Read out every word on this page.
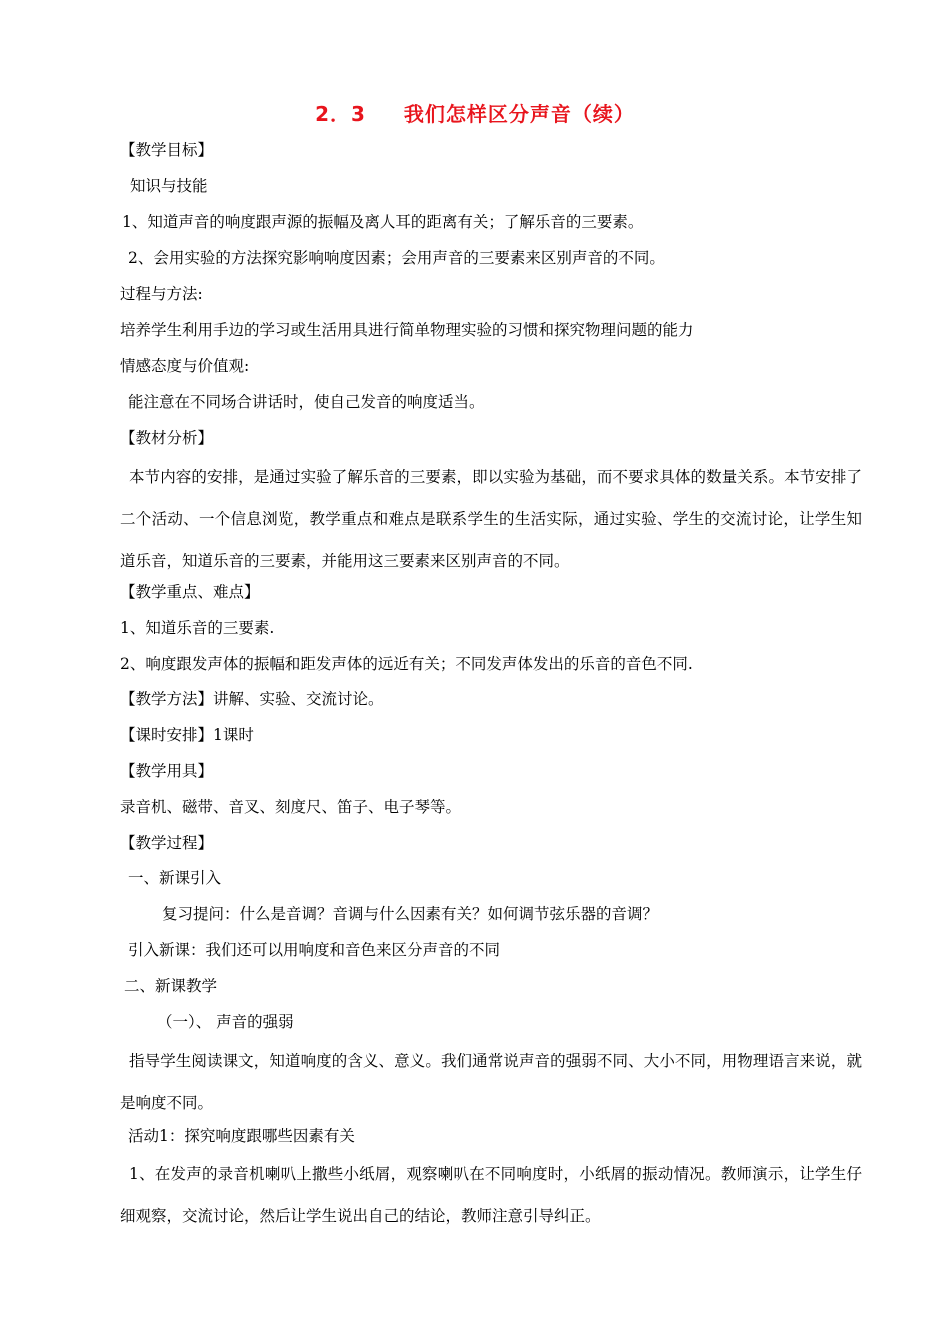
2．3 我们怎样区分声音（续）
【教学目标】
知识与技能
1、知道声音的响度跟声源的振幅及离人耳的距离有关；了解乐音的三要素。
2、会用实验的方法探究影响响度因素；会用声音的三要素来区别声音的不同。
过程与方法:
培养学生利用手边的学习或生活用具进行简单物理实验的习惯和探究物理问题的能力
情感态度与价值观:
能注意在不同场合讲话时，使自己发音的响度适当。
【教材分析】
本节内容的安排，是通过实验了解乐音的三要素，即以实验为基础，而不要求具体的数量关系。本节安排了二个活动、一个信息浏览，教学重点和难点是联系学生的生活实际，通过实验、学生的交流讨论，让学生知道乐音，知道乐音的三要素，并能用这三要素来区别声音的不同。
【教学重点、难点】
1、知道乐音的三要素.
2、响度跟发声体的振幅和距发声体的远近有关；不同发声体发出的乐音的音色不同.
【教学方法】讲解、实验、交流讨论。
【课时安排】1课时
【教学用具】
录音机、磁带、音叉、刻度尺、笛子、电子琴等。
【教学过程】
一、新课引入
复习提问：什么是音调？音调与什么因素有关？如何调节弦乐器的音调？
引入新课：我们还可以用响度和音色来区分声音的不同
二、新课教学
（一）、 声音的强弱
指导学生阅读课文，知道响度的含义、意义。我们通常说声音的强弱不同、大小不同，用物理语言来说，就是响度不同。
活动1：探究响度跟哪些因素有关
1、在发声的录音机喇叭上撒些小纸屑，观察喇叭在不同响度时，小纸屑的振动情况。教师演示，让学生仔细观察，交流讨论，然后让学生说出自己的结论，教师注意引导纠正。
